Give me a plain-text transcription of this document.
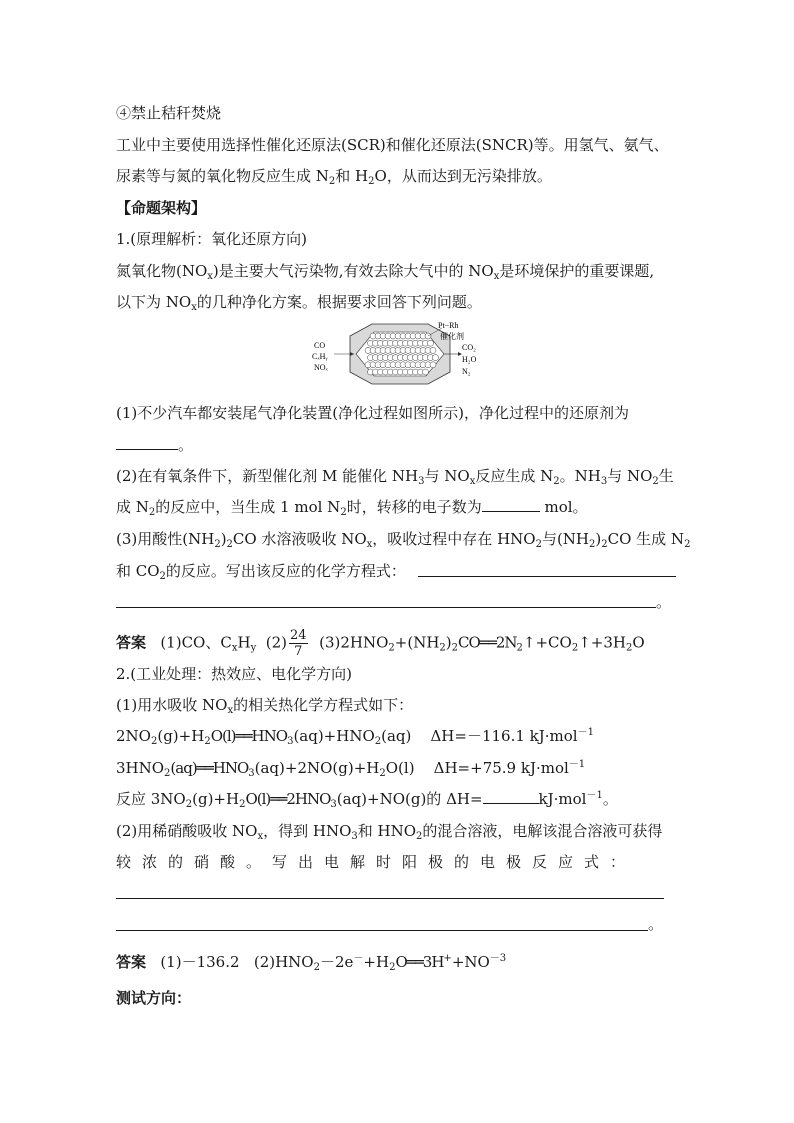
④禁止秸秆焚烧
工业中主要使用选择性催化还原法(SCR)和催化还原法(SNCR)等。用氢气、氨气、
尿素等与氮的氧化物反应生成 $N_2$和 $H_2O$，从而达到无污染排放。
【命题架构】
1.(原理解析：氧化还原方向)
氮氧化物$(NO_x)$是主要大气污染物,有效去除大气中的 $NO_x$是环境保护的重要课题,
以下为 $NO_x$的几种净化方案。根据要求回答下列问题。
CO
CₓHᵧ
NOₓ
Pt−Rh
催化剂
CO₂
H₂O
N₂
(1)不少汽车都安装尾气净化装置(净化过程如图所示)，净化过程中的还原剂为
。
(2)在有氧条件下，新型催化剂 M 能催化 $NH_3$与 $NO_x$反应生成 $N_2$。$NH_3$与 $NO_2$生
成 $N_2$的反应中，当生成 1 mol $N_2$时，转移的电子数为	mol。
(3)用酸性$(NH_2)_2CO$ 水溶液吸收 $NO_x$，吸收过程中存在 $HNO_2$与$(NH_2)_2CO$ 生成 $N_2$
和 $CO_2$的反应。写出该反应的化学方程式：
。
答案 (1)CO、$C_xH_y$ $(2) \frac{24}{7}$ $(3)2HNO_2+(NH_2)_2CO══2N_2↑+CO_2↑+3H_2O$
2.(工业处理：热效应、电化学方向)
(1)用水吸收 $NO_x$的相关热化学方程式如下：
$2NO_2(g)+H_2O(l)══HNO_3(aq)+HNO_2(aq)$ ΔH=－116.1 kJ·mol$^{-1}$
$3HNO_2(aq)══HNO_3(aq)+2NO(g)+H_2O(l)$ ΔH=+75.9 kJ·mol$^{-1}$
反应 $3NO_2(g)+H_2O(l)══2HNO_3(aq)+NO(g)$的 ΔH=	kJ·mol$^{-1}$。
(2)用稀硝酸吸收 $NO_x$，得到 $HNO_3$和 $HNO_2$的混合溶液，电解该混合溶液可获得
较浓的硝酸。写出电解时阳极的电极反应式：
。
答案 (1)－136.2 $(2)HNO_2-2e^-+H_2O══3H^++NO^{-3}$
测试方向：
